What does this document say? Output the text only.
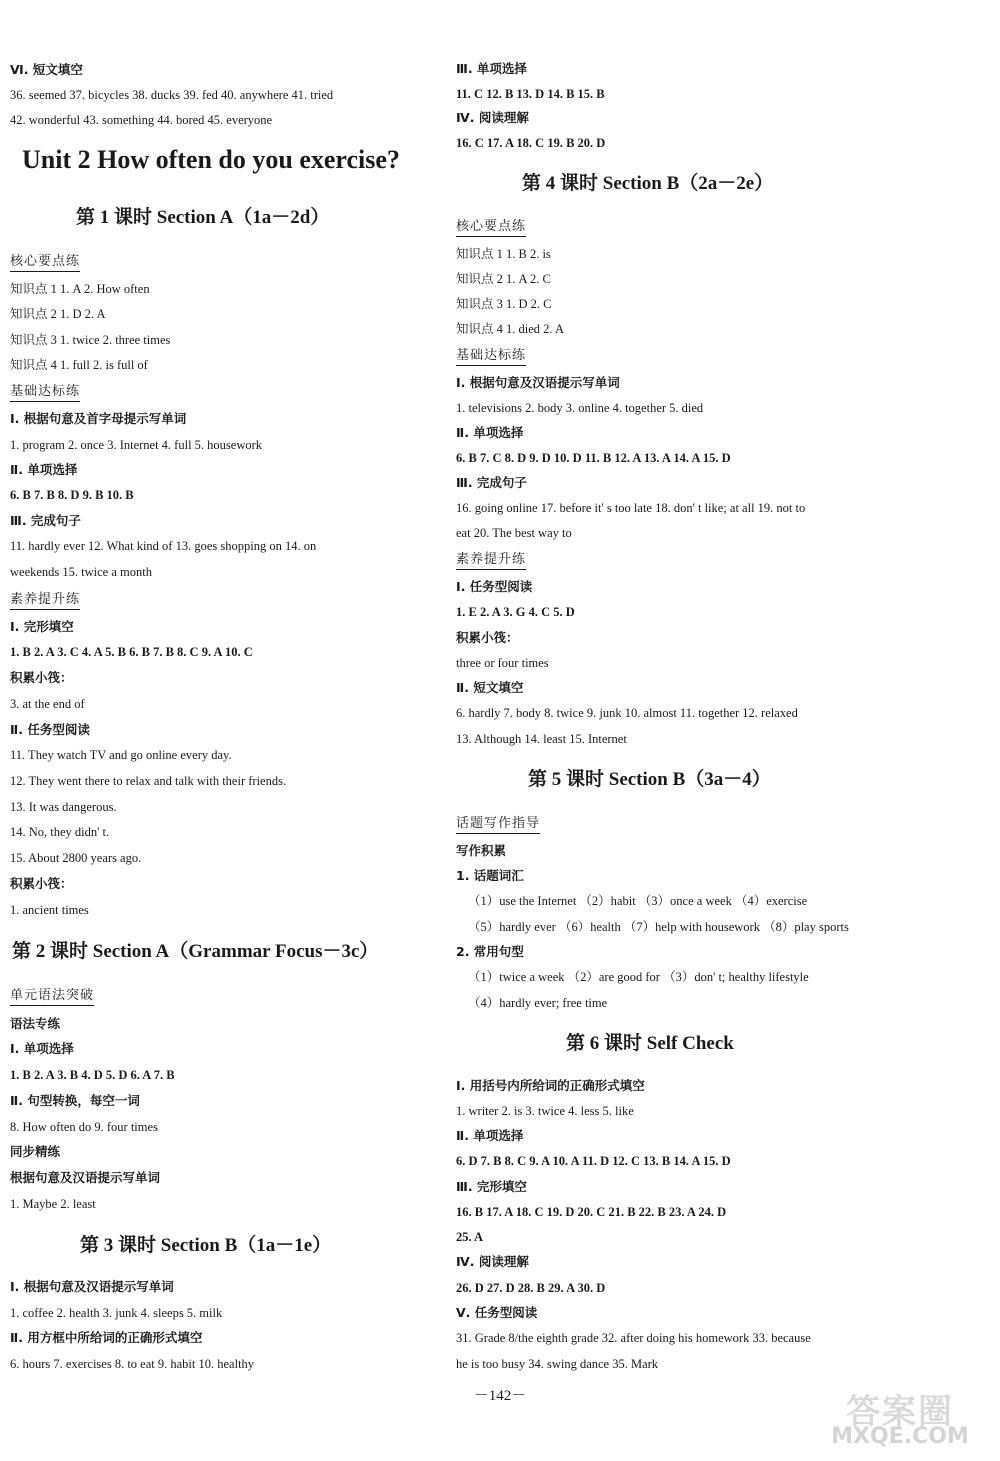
Ⅵ. 短文填空
36. seemed 37. bicycles 38. ducks 39. fed 40. anywhere 41. tried
42. wonderful 43. something 44. bored 45. everyone
Unit 2 How often do you exercise?
第 1 课时 Section A（1a－2d）
核心要点练
知识点 1 1. A 2. How often
知识点 2 1. D 2. A
知识点 3 1. twice 2. three times
知识点 4 1. full 2. is full of
基础达标练
Ⅰ. 根据句意及首字母提示写单词
1. program 2. once 3. Internet 4. full 5. housework
Ⅱ. 单项选择
6. B 7. B 8. D 9. B 10. B
Ⅲ. 完成句子
11. hardly ever 12. What kind of 13. goes shopping on 14. on
weekends 15. twice a month
素养提升练
Ⅰ. 完形填空
1. B 2. A 3. C 4. A 5. B 6. B 7. B 8. C 9. A 10. C
积累小筏：
3. at the end of
Ⅱ. 任务型阅读
11. They watch TV and go online every day.
12. They went there to relax and talk with their friends.
13. It was dangerous.
14. No, they didn' t.
15. About 2800 years ago.
积累小筏：
1. ancient times
第 2 课时 Section A（Grammar Focus－3c）
单元语法突破
语法专练
Ⅰ. 单项选择
1. B 2. A 3. B 4. D 5. D 6. A 7. B
Ⅱ. 句型转换，每空一词
8. How often do 9. four times
同步精练
根据句意及汉语提示写单词
1. Maybe 2. least
第 3 课时 Section B（1a－1e）
Ⅰ. 根据句意及汉语提示写单词
1. coffee 2. health 3. junk 4. sleeps 5. milk
Ⅱ. 用方框中所给词的正确形式填空
6. hours 7. exercises 8. to eat 9. habit 10. healthy
Ⅲ. 单项选择
11. C 12. B 13. D 14. B 15. B
Ⅳ. 阅读理解
16. C 17. A 18. C 19. B 20. D
第 4 课时 Section B（2a－2e）
核心要点练
知识点 1 1. B 2. is
知识点 2 1. A 2. C
知识点 3 1. D 2. C
知识点 4 1. died 2. A
基础达标练
Ⅰ. 根据句意及汉语提示写单词
1. televisions 2. body 3. online 4. together 5. died
Ⅱ. 单项选择
6. B 7. C 8. D 9. D 10. D 11. B 12. A 13. A 14. A 15. D
Ⅲ. 完成句子
16. going online 17. before it' s too late 18. don' t like; at all 19. not to
eat 20. The best way to
素养提升练
Ⅰ. 任务型阅读
1. E 2. A 3. G 4. C 5. D
积累小筏：
three or four times
Ⅱ. 短文填空
6. hardly 7. body 8. twice 9. junk 10. almost 11. together 12. relaxed
13. Although 14. least 15. Internet
第 5 课时 Section B（3a－4）
话题写作指导
写作积累
1. 话题词汇
（1）use the Internet （2）habit （3）once a week （4）exercise
（5）hardly ever （6）health （7）help with housework （8）play sports
2. 常用句型
（1）twice a week （2）are good for （3）don' t; healthy lifestyle
（4）hardly ever; free time
第 6 课时 Self Check
Ⅰ. 用括号内所给词的正确形式填空
1. writer 2. is 3. twice 4. less 5. like
Ⅱ. 单项选择
6. D 7. B 8. C 9. A 10. A 11. D 12. C 13. B 14. A 15. D
Ⅲ. 完形填空
16. B 17. A 18. C 19. D 20. C 21. B 22. B 23. A 24. D
25. A
Ⅳ. 阅读理解
26. D 27. D 28. B 29. A 30. D
Ⅴ. 任务型阅读
31. Grade 8/the eighth grade 32. after doing his homework 33. because
he is too busy 34. swing dance 35. Mark
－142－	答案圈
MXQE.COM
